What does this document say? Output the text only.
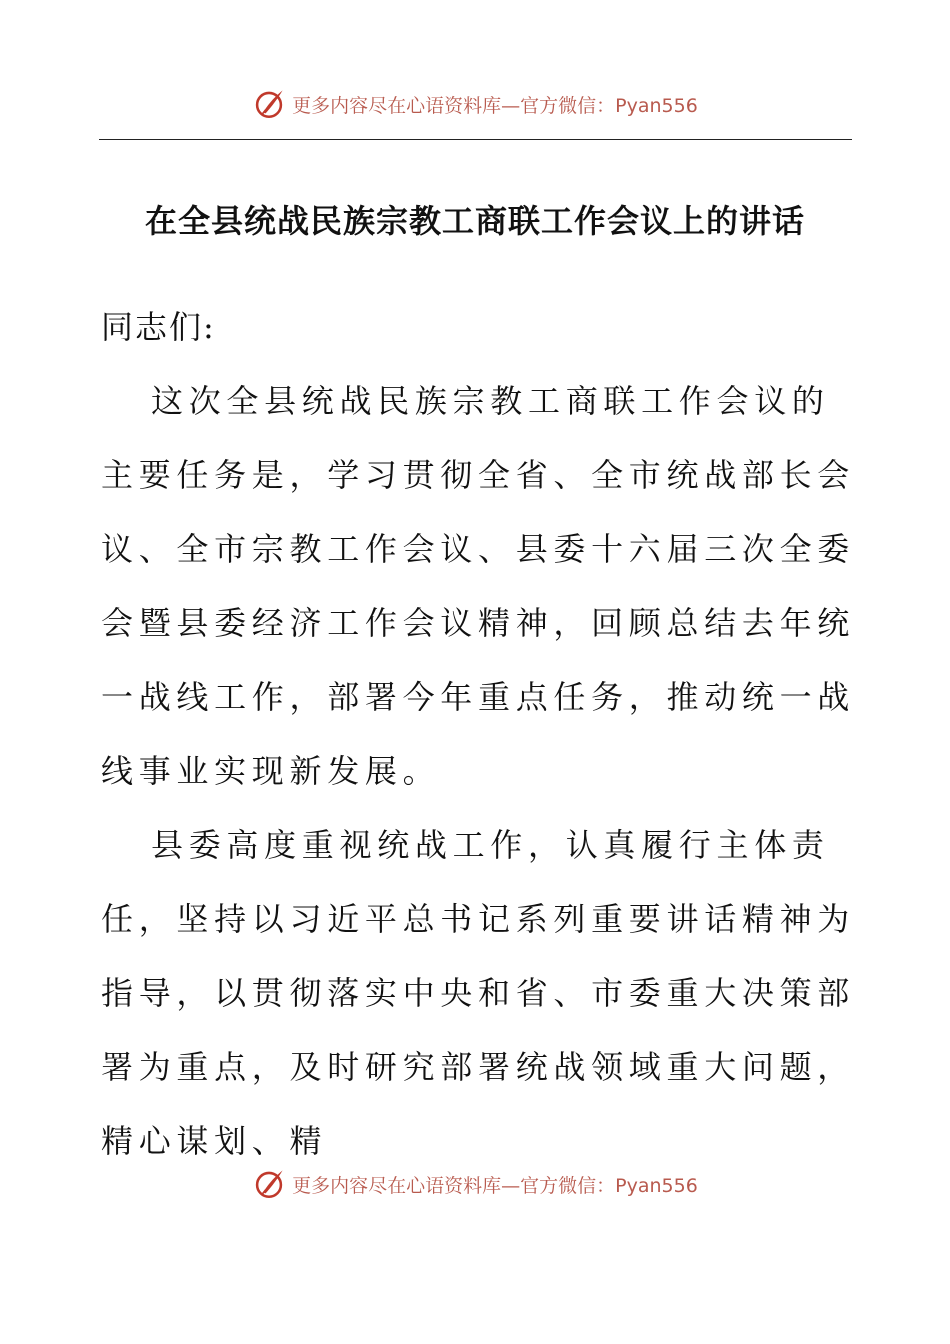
更多内容尽在心语资料库—官方微信：Pyan556
在全县统战民族宗教工商联工作会议上的讲话

同志们:

这次全县统战民族宗教工商联工作会议的主要任务是，学习贯彻全省、全市统战部长会议、全市宗教工作会议、县委十六届三次全委会暨县委经济工作会议精神，回顾总结去年统一战线工作，部署今年重点任务，推动统一战线事业实现新发展。

县委高度重视统战工作，认真履行主体责任，坚持以习近平总书记系列重要讲话精神为指导，以贯彻落实中央和省、市委重大决策部署为重点，及时研究部署统战领域重大问题，精心谋划、精

更多内容尽在心语资料库—官方微信：Pyan556
